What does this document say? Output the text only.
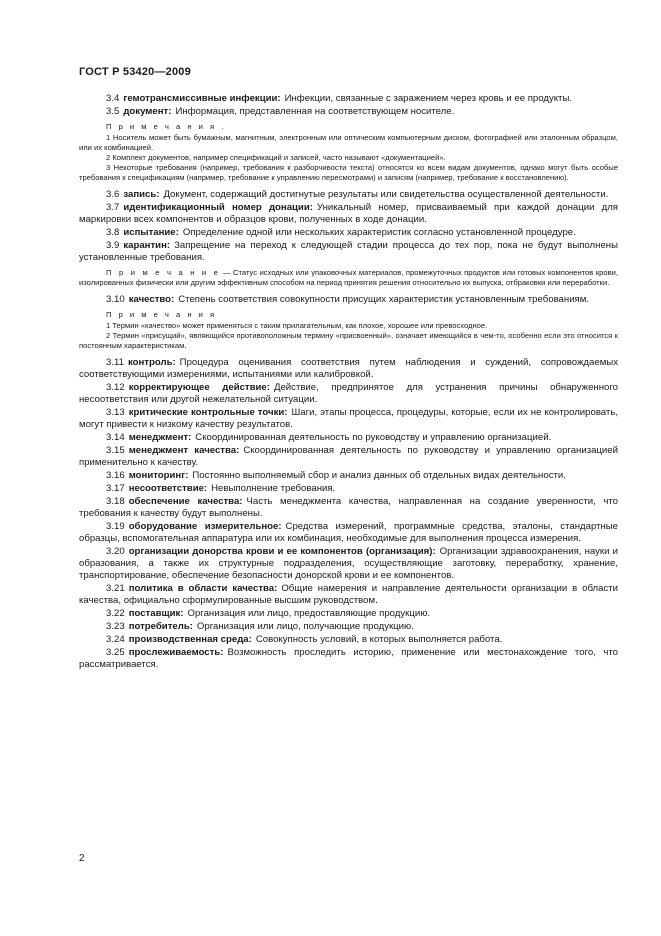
ГОСТ Р 53420—2009

3.4 гемотрансмиссивные инфекции: Инфекции, связанные с заражением через кровь и ее продукты.

3.5 документ: Информация, представленная на соответствующем носителе.

П р и м е ч а н и я .

1 Носитель может быть бумажным, магнитным, электронным или оптическим компьютерным диском, фотографией или эталонным образцом, или их комбинацией.

2 Комплект документов, например спецификаций и записей, часто называют «документацией».

3 Некоторые требования (например, требования к разборчивости текста) относятся ко всем видам документов, однако могут быть особые требования к спецификациям (например, требование к управлению пересмотрами) и записям (например, требование к восстановлению).

3.6 запись: Документ, содержащий достигнутые результаты или свидетельства осуществленной деятельности.

3.7 идентификационный номер донации: Уникальный номер, присваиваемый при каждой донации для маркировки всех компонентов и образцов крови, полученных в ходе донации.

3.8 испытание: Определение одной или нескольких характеристик согласно установленной процедуре.

3.9 карантин: Запрещение на переход к следующей стадии процесса до тех пор, пока не будут выполнены установленные требования.

П р и м е ч а н и е — Статус исходных или упаковочных материалов, промежуточных продуктов или готовых компонентов крови, изолированных физически или другим эффективным способом на период принятия решения относительно их выпуска, отбраковки или переработки.

3.10 качество: Степень соответствия совокупности присущих характеристик установленным требованиям.

П р и м е ч а н и я

1 Термин «качество» может применяться с таким прилагательным, как плохое, хорошее или превосходное.

2 Термин «присущий», являющийся противоположным термину «присвоенный», означает имеющийся в чем-то, особенно если это относится к постоянным характеристикам.

3.11 контроль: Процедура оценивания соответствия путем наблюдения и суждений, сопровождаемых соответствующими измерениями, испытаниями или калибровкой.

3.12 корректирующее действие: Действие, предпринятое для устранения причины обнаруженного несоответствия или другой нежелательной ситуации.

3.13 критические контрольные точки: Шаги, этапы процесса, процедуры, которые, если их не контролировать, могут привести к низкому качеству результатов.

3.14 менеджмент: Скоординированная деятельность по руководству и управлению организацией.

3.15 менеджмент качества: Скоординированная деятельность по руководству и управлению организацией применительно к качеству.

3.16 мониторинг: Постоянно выполняемый сбор и анализ данных об отдельных видах деятельности.

3.17 несоответствие: Невыполнение требования.

3.18 обеспечение качества: Часть менеджмента качества, направленная на создание уверенности, что требования к качеству будут выполнены.

3.19 оборудование измерительное: Средства измерений, программные средства, эталоны, стандартные образцы, вспомогательная аппаратура или их комбинация, необходимые для выполнения процесса измерения.

3.20 организации донорства крови и ее компонентов (организация): Организации здравоохранения, науки и образования, а также их структурные подразделения, осуществляющие заготовку, переработку, хранение, транспортирование, обеспечение безопасности донорской крови и ее компонентов.

3.21 политика в области качества: Общие намерения и направление деятельности организации в области качества, официально сформулированные высшим руководством.

3.22 поставщик: Организация или лицо, предоставляющие продукцию.

3.23 потребитель: Организация или лицо, получающие продукцию.

3.24 производственная среда: Совокупность условий, в которых выполняется работа.

3.25 прослеживаемость: Возможность проследить историю, применение или местонахождение того, что рассматривается.

2
